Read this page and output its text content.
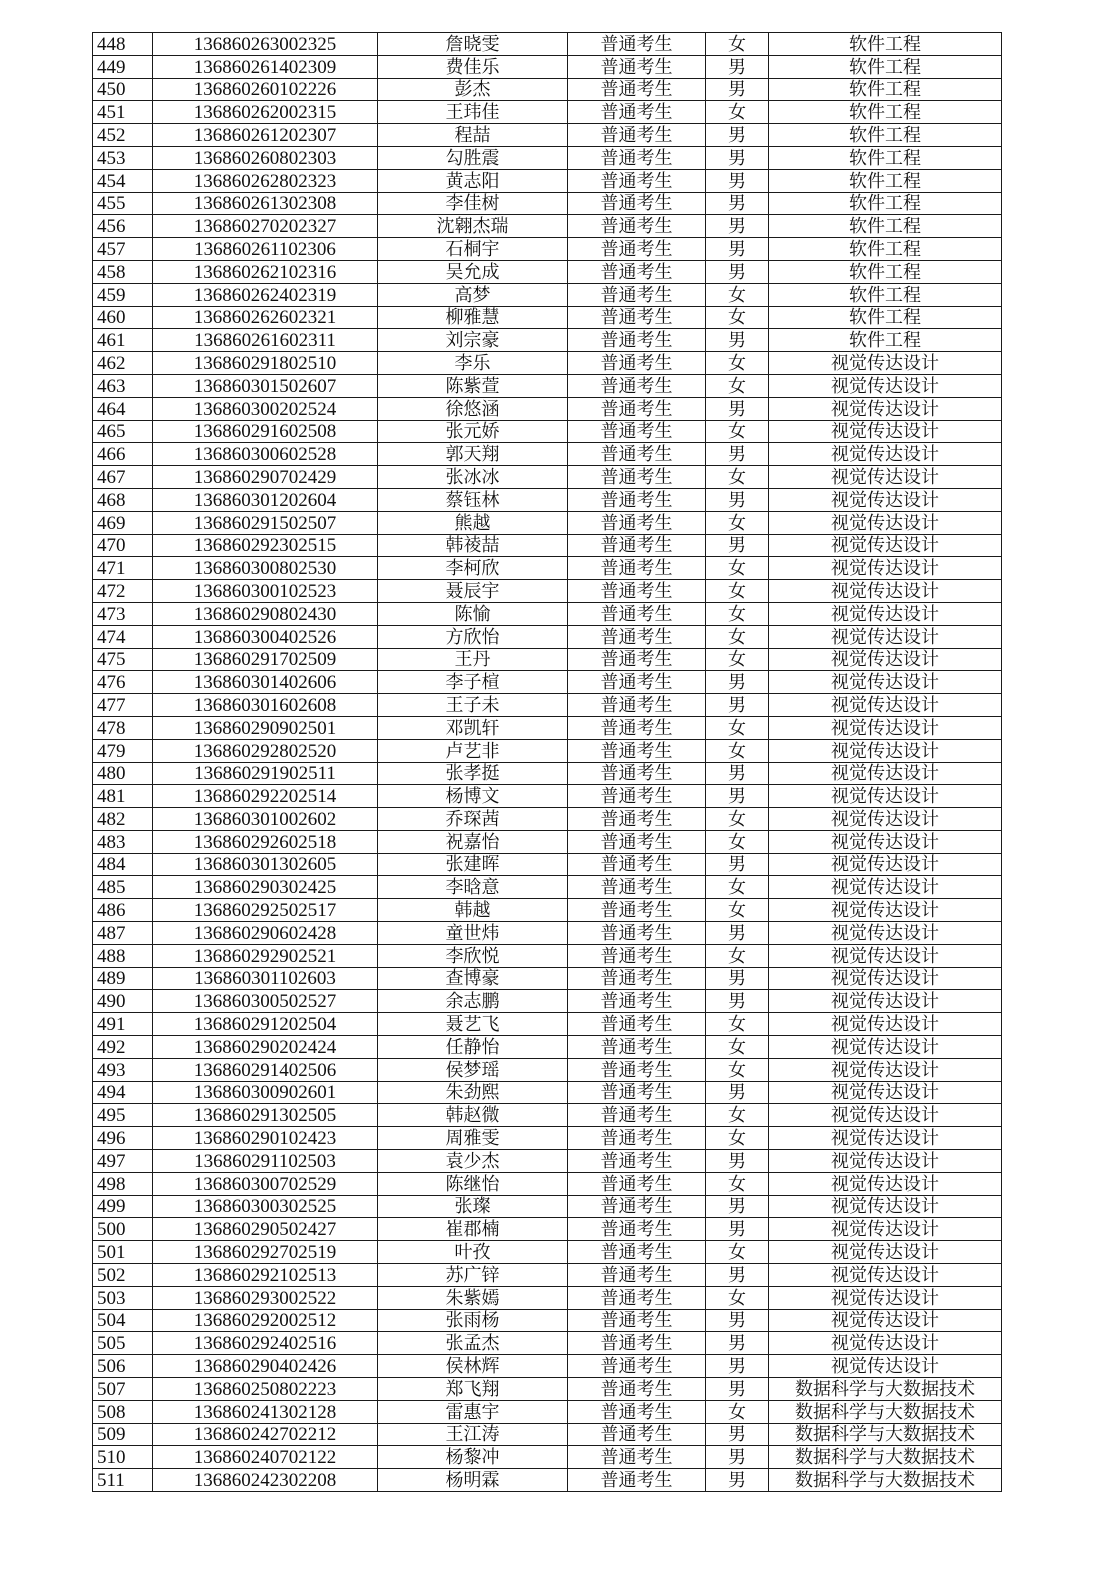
448	136860263002325	詹晓雯	普通考生	女	软件工程
449	136860261402309	费佳乐	普通考生	男	软件工程
450	136860260102226	彭杰	普通考生	男	软件工程
451	136860262002315	王玮佳	普通考生	女	软件工程
452	136860261202307	程喆	普通考生	男	软件工程
453	136860260802303	勾胜震	普通考生	男	软件工程
454	136860262802323	黄志阳	普通考生	男	软件工程
455	136860261302308	李佳树	普通考生	男	软件工程
456	136860270202327	沈翱杰瑞	普通考生	男	软件工程
457	136860261102306	石桐宇	普通考生	男	软件工程
458	136860262102316	吴允成	普通考生	男	软件工程
459	136860262402319	高梦	普通考生	女	软件工程
460	136860262602321	柳雅慧	普通考生	女	软件工程
461	136860261602311	刘宗豪	普通考生	男	软件工程
462	136860291802510	李乐	普通考生	女	视觉传达设计
463	136860301502607	陈紫萱	普通考生	女	视觉传达设计
464	136860300202524	徐悠涵	普通考生	男	视觉传达设计
465	136860291602508	张元娇	普通考生	女	视觉传达设计
466	136860300602528	郭天翔	普通考生	男	视觉传达设计
467	136860290702429	张冰冰	普通考生	女	视觉传达设计
468	136860301202604	蔡钰林	普通考生	男	视觉传达设计
469	136860291502507	熊越	普通考生	女	视觉传达设计
470	136860292302515	韩祾喆	普通考生	男	视觉传达设计
471	136860300802530	李柯欣	普通考生	女	视觉传达设计
472	136860300102523	聂辰宇	普通考生	女	视觉传达设计
473	136860290802430	陈愉	普通考生	女	视觉传达设计
474	136860300402526	方欣怡	普通考生	女	视觉传达设计
475	136860291702509	王丹	普通考生	女	视觉传达设计
476	136860301402606	李子楦	普通考生	男	视觉传达设计
477	136860301602608	王子未	普通考生	男	视觉传达设计
478	136860290902501	邓凯轩	普通考生	女	视觉传达设计
479	136860292802520	卢艺非	普通考生	女	视觉传达设计
480	136860291902511	张孝挺	普通考生	男	视觉传达设计
481	136860292202514	杨博文	普通考生	男	视觉传达设计
482	136860301002602	乔琛茜	普通考生	女	视觉传达设计
483	136860292602518	祝嘉怡	普通考生	女	视觉传达设计
484	136860301302605	张建晖	普通考生	男	视觉传达设计
485	136860290302425	李晗意	普通考生	女	视觉传达设计
486	136860292502517	韩越	普通考生	女	视觉传达设计
487	136860290602428	童世炜	普通考生	男	视觉传达设计
488	136860292902521	李欣悦	普通考生	女	视觉传达设计
489	136860301102603	查博豪	普通考生	男	视觉传达设计
490	136860300502527	余志鹏	普通考生	男	视觉传达设计
491	136860291202504	聂艺飞	普通考生	女	视觉传达设计
492	136860290202424	任静怡	普通考生	女	视觉传达设计
493	136860291402506	侯梦瑶	普通考生	女	视觉传达设计
494	136860300902601	朱劲熙	普通考生	男	视觉传达设计
495	136860291302505	韩赵微	普通考生	女	视觉传达设计
496	136860290102423	周雅雯	普通考生	女	视觉传达设计
497	136860291102503	袁少杰	普通考生	男	视觉传达设计
498	136860300702529	陈继怡	普通考生	女	视觉传达设计
499	136860300302525	张璨	普通考生	男	视觉传达设计
500	136860290502427	崔郡楠	普通考生	男	视觉传达设计
501	136860292702519	叶孜	普通考生	女	视觉传达设计
502	136860292102513	苏广锌	普通考生	男	视觉传达设计
503	136860293002522	朱紫嫣	普通考生	女	视觉传达设计
504	136860292002512	张雨杨	普通考生	男	视觉传达设计
505	136860292402516	张孟杰	普通考生	男	视觉传达设计
506	136860290402426	侯林辉	普通考生	男	视觉传达设计
507	136860250802223	郑飞翔	普通考生	男	数据科学与大数据技术
508	136860241302128	雷惠宇	普通考生	女	数据科学与大数据技术
509	136860242702212	王江涛	普通考生	男	数据科学与大数据技术
510	136860240702122	杨黎冲	普通考生	男	数据科学与大数据技术
511	136860242302208	杨明霖	普通考生	男	数据科学与大数据技术
